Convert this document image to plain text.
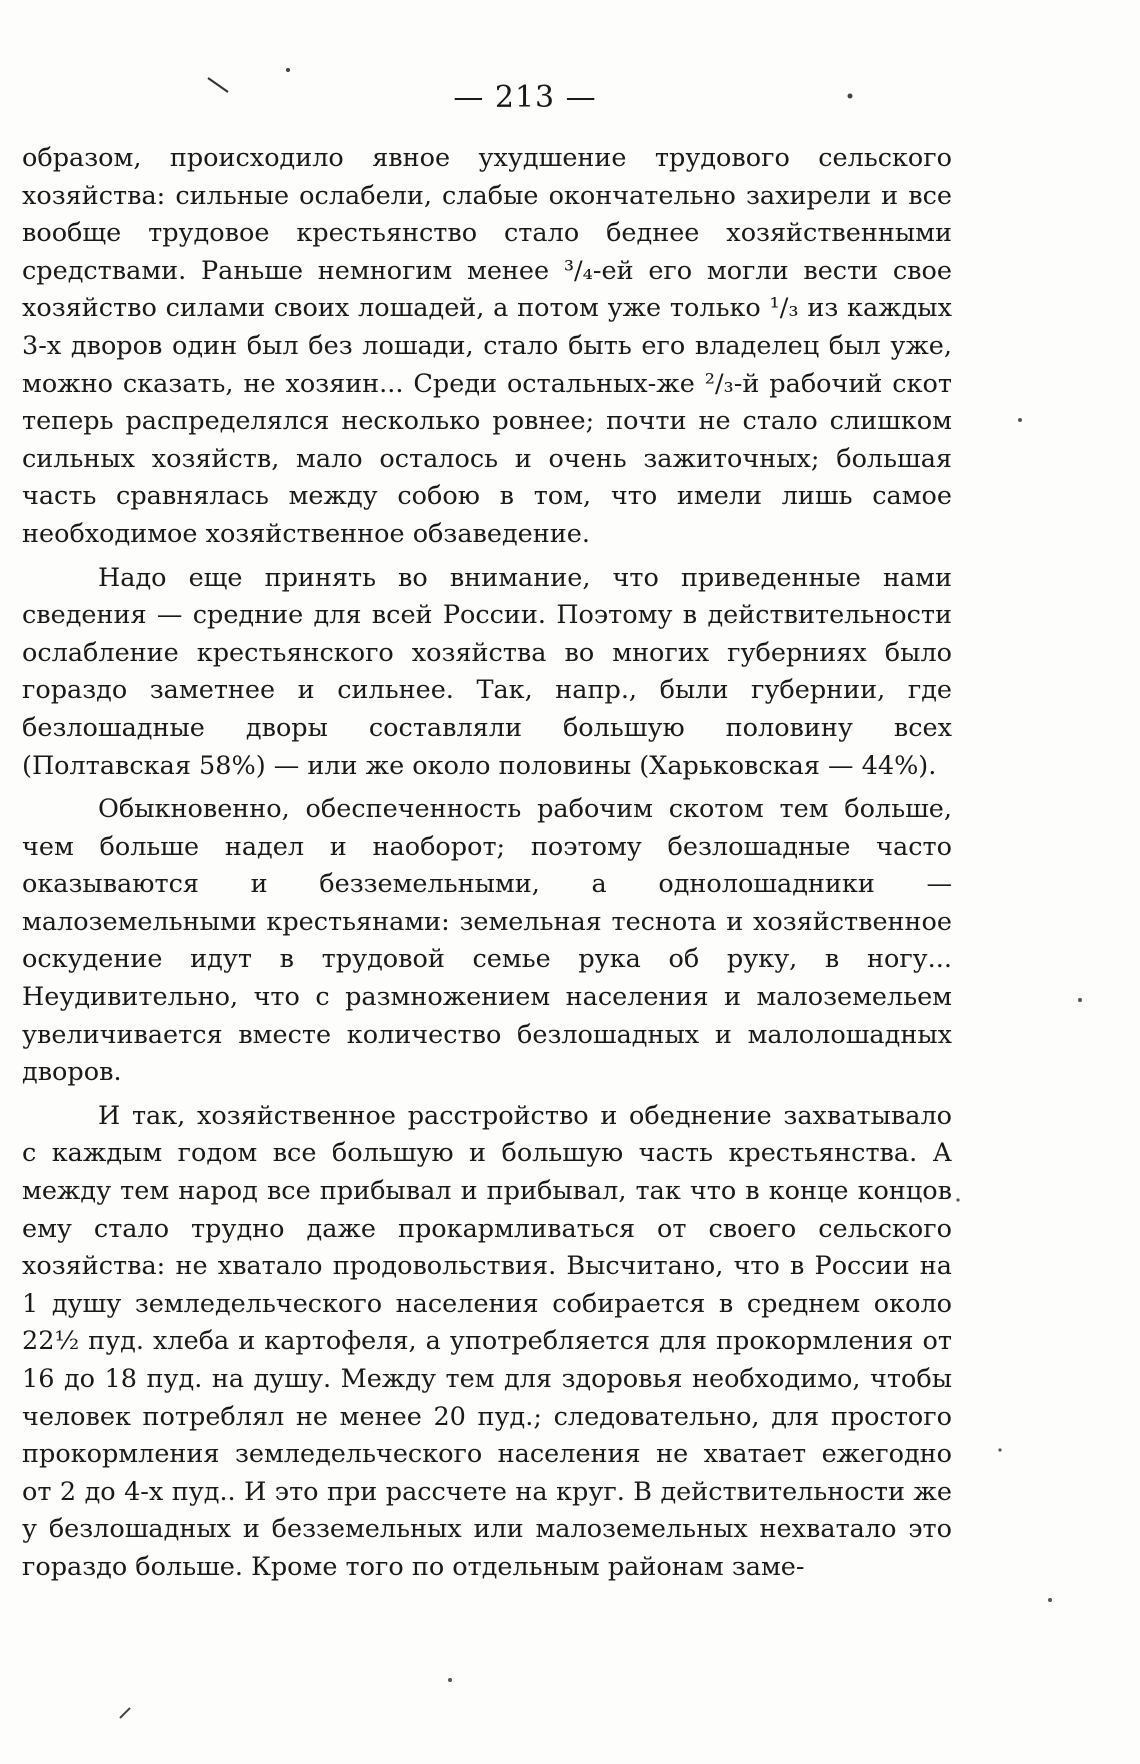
— 213 —

образом, происходило явное ухудшение трудового сельского хозяйства: сильные ослабели, слабые окончательно захирели и все вообще трудовое крестьянство стало беднее хозяйственными средствами. Раньше немногим менее ³/₄-ей его могли вести свое хозяйство силами своих лошадей, а потом уже только ¹/₃ из каждых 3-х дворов один был без лошади, стало быть его владелец был уже, можно сказать, не хозяин... Среди остальных-же ²/₃-й рабочий скот теперь распределялся несколько ровнее; почти не стало слишком сильных хозяйств, мало осталось и очень зажиточных; большая часть сравнялась между собою в том, что имели лишь самое необходимое хозяйственное обзаведение.

Надо еще принять во внимание, что приведенные нами сведения — средние для всей России. Поэтому в действительности ослабление крестьянского хозяйства во многих губерниях было гораздо заметнее и сильнее. Так, напр., были губернии, где безлошадные дворы составляли большую половину всех (Полтавская 58%) — или же около половины (Харьковская — 44%).

Обыкновенно, обеспеченность рабочим скотом тем больше, чем больше надел и наоборот; поэтому безлошадные часто оказываются и безземельными, а однолошадники — малоземельными крестьянами: земельная теснота и хозяйственное оскудение идут в трудовой семье рука об руку, в ногу... Неудивительно, что с размножением населения и малоземельем увеличивается вместе количество безлошадных и малолошадных дворов.

И так, хозяйственное расстройство и обеднение захватывало с каждым годом все большую и большую часть крестьянства. А между тем народ все прибывал и прибывал, так что в конце концов ему стало трудно даже прокармливаться от своего сельского хозяйства: не хватало продовольствия. Высчитано, что в России на 1 душу земледельческого населения собирается в среднем около 22½ пуд. хлеба и картофеля, а употребляется для прокормления от 16 до 18 пуд. на душу. Между тем для здоровья необходимо, чтобы человек потреблял не менее 20 пуд.; следовательно, для простого прокормления земледельческого населения не хватает ежегодно от 2 до 4-х пуд.. И это при рассчете на круг. В действительности же у безлошадных и безземельных или малоземельных нехватало это гораздо больше. Кроме того по отдельным районам заме-
